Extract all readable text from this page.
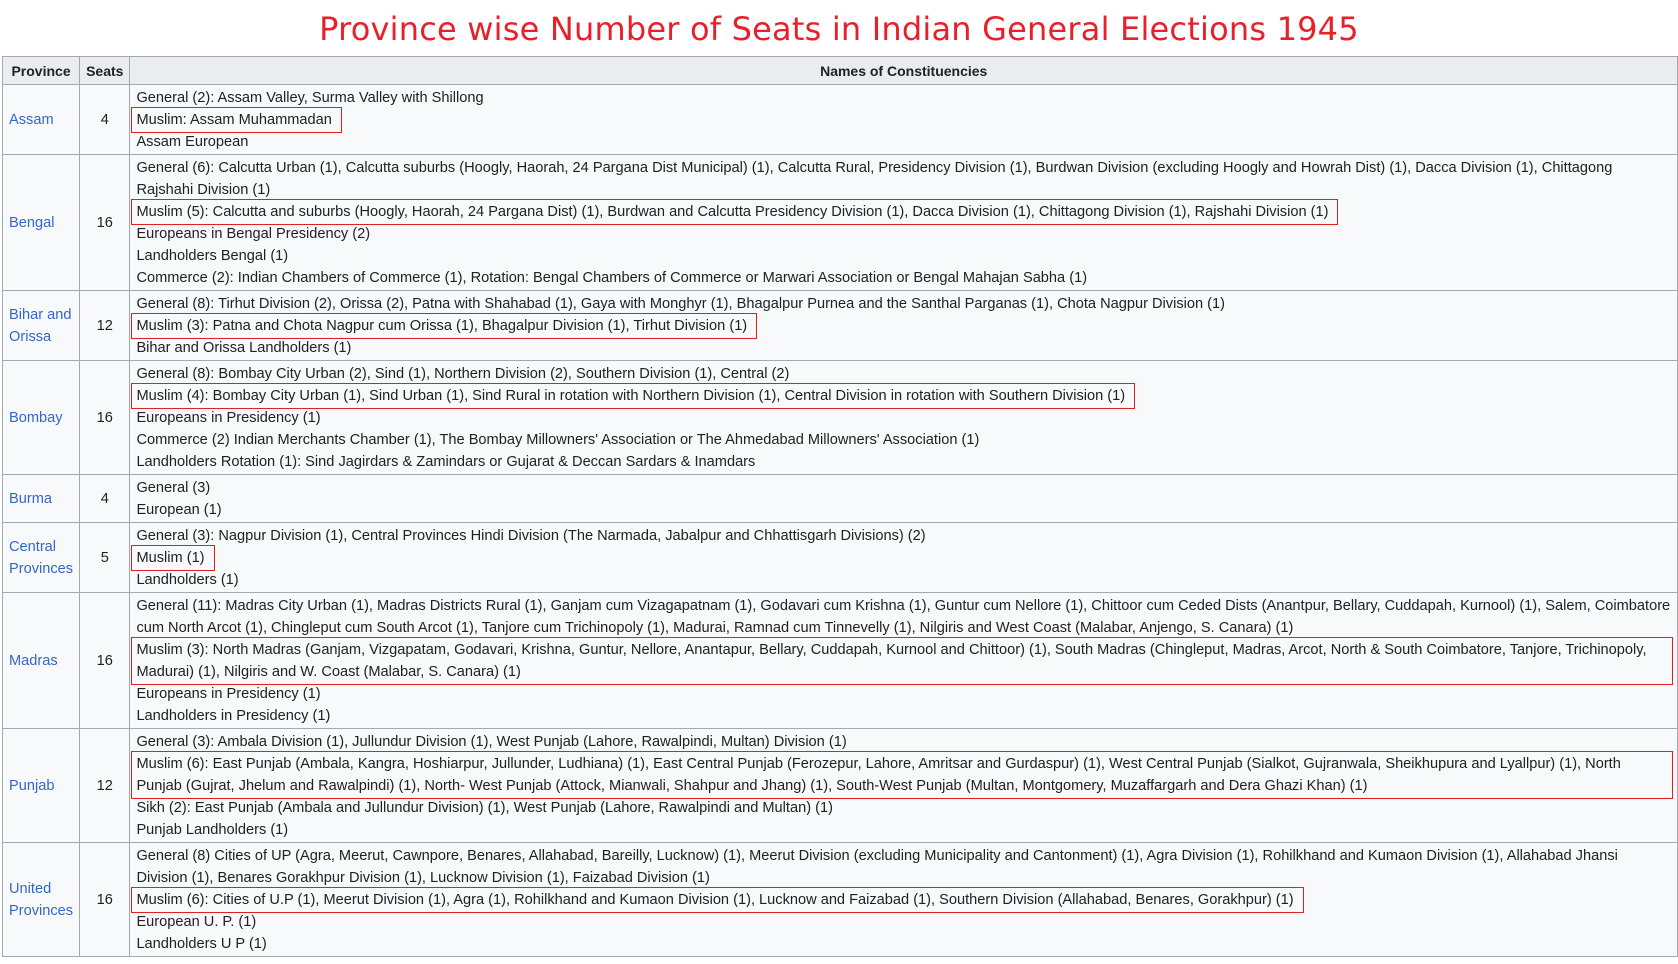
Province wise Number of Seats in Indian General Elections 1945
Province	Seats	Names of Constituencies
Assam	4	General (2): Assam Valley, Surma Valley with Shillong
Muslim: Assam Muhammadan
Assam European

Bengal	16	General (6): Calcutta Urban (1), Calcutta suburbs (Hoogly, Haorah, 24 Pargana Dist Municipal) (1), Calcutta Rural, Presidency Division (1), Burdwan Division (excluding Hoogly and Howrah Dist) (1), Dacca Division (1), Chittagong Rajshahi Division (1)
Muslim (5): Calcutta and suburbs (Hoogly, Haorah, 24 Pargana Dist) (1), Burdwan and Calcutta Presidency Division (1), Dacca Division (1), Chittagong Division (1), Rajshahi Division (1)
Europeans in Bengal Presidency (2)
Landholders Bengal (1)
Commerce (2): Indian Chambers of Commerce (1), Rotation: Bengal Chambers of Commerce or Marwari Association or Bengal Mahajan Sabha (1)

Bihar and Orissa	12	General (8): Tirhut Division (2), Orissa (2), Patna with Shahabad (1), Gaya with Monghyr (1), Bhagalpur Purnea and the Santhal Parganas (1), Chota Nagpur Division (1)
Muslim (3): Patna and Chota Nagpur cum Orissa (1), Bhagalpur Division (1), Tirhut Division (1)
Bihar and Orissa Landholders (1)

Bombay	16	General (8): Bombay City Urban (2), Sind (1), Northern Division (2), Southern Division (1), Central (2)
Muslim (4): Bombay City Urban (1), Sind Urban (1), Sind Rural in rotation with Northern Division (1), Central Division in rotation with Southern Division (1)
Europeans in Presidency (1)
Commerce (2) Indian Merchants Chamber (1), The Bombay Millowners' Association or The Ahmedabad Millowners' Association (1)
Landholders Rotation (1): Sind Jagirdars & Zamindars or Gujarat & Deccan Sardars & Inamdars

Burma	4	General (3)
European (1)

Central Provinces	5	General (3): Nagpur Division (1), Central Provinces Hindi Division (The Narmada, Jabalpur and Chhattisgarh Divisions) (2)
Muslim (1)
Landholders (1)

Madras	16	General (11): Madras City Urban (1), Madras Districts Rural (1), Ganjam cum Vizagapatnam (1), Godavari cum Krishna (1), Guntur cum Nellore (1), Chittoor cum Ceded Dists (Anantpur, Bellary, Cuddapah, Kurnool) (1), Salem, Coimbatore cum North Arcot (1), Chingleput cum South Arcot (1), Tanjore cum Trichinopoly (1), Madurai, Ramnad cum Tinnevelly (1), Nilgiris and West Coast (Malabar, Anjengo, S. Canara) (1)
Muslim (3): North Madras (Ganjam, Vizgapatam, Godavari, Krishna, Guntur, Nellore, Anantapur, Bellary, Cuddapah, Kurnool and Chittoor) (1), South Madras (Chingleput, Madras, Arcot, North & South Coimbatore, Tanjore, Trichinopoly, Madurai) (1), Nilgiris and W. Coast (Malabar, S. Canara) (1)
Europeans in Presidency (1)
Landholders in Presidency (1)

Punjab	12	General (3): Ambala Division (1), Jullundur Division (1), West Punjab (Lahore, Rawalpindi, Multan) Division (1)
Muslim (6): East Punjab (Ambala, Kangra, Hoshiarpur, Jullunder, Ludhiana) (1), East Central Punjab (Ferozepur, Lahore, Amritsar and Gurdaspur) (1), West Central Punjab (Sialkot, Gujranwala, Sheikhupura and Lyallpur) (1), North Punjab (Gujrat, Jhelum and Rawalpindi) (1), North- West Punjab (Attock, Mianwali, Shahpur and Jhang) (1), South-West Punjab (Multan, Montgomery, Muzaffargarh and Dera Ghazi Khan) (1)
Sikh (2): East Punjab (Ambala and Jullundur Division) (1), West Punjab (Lahore, Rawalpindi and Multan) (1)
Punjab Landholders (1)

United Provinces	16	General (8) Cities of UP (Agra, Meerut, Cawnpore, Benares, Allahabad, Bareilly, Lucknow) (1), Meerut Division (excluding Municipality and Cantonment) (1), Agra Division (1), Rohilkhand and Kumaon Division (1), Allahabad Jhansi Division (1), Benares Gorakhpur Division (1), Lucknow Division (1), Faizabad Division (1)
Muslim (6): Cities of U.P (1), Meerut Division (1), Agra (1), Rohilkhand and Kumaon Division (1), Lucknow and Faizabad (1), Southern Division (Allahabad, Benares, Gorakhpur) (1)
European U. P. (1)
Landholders U P (1)
